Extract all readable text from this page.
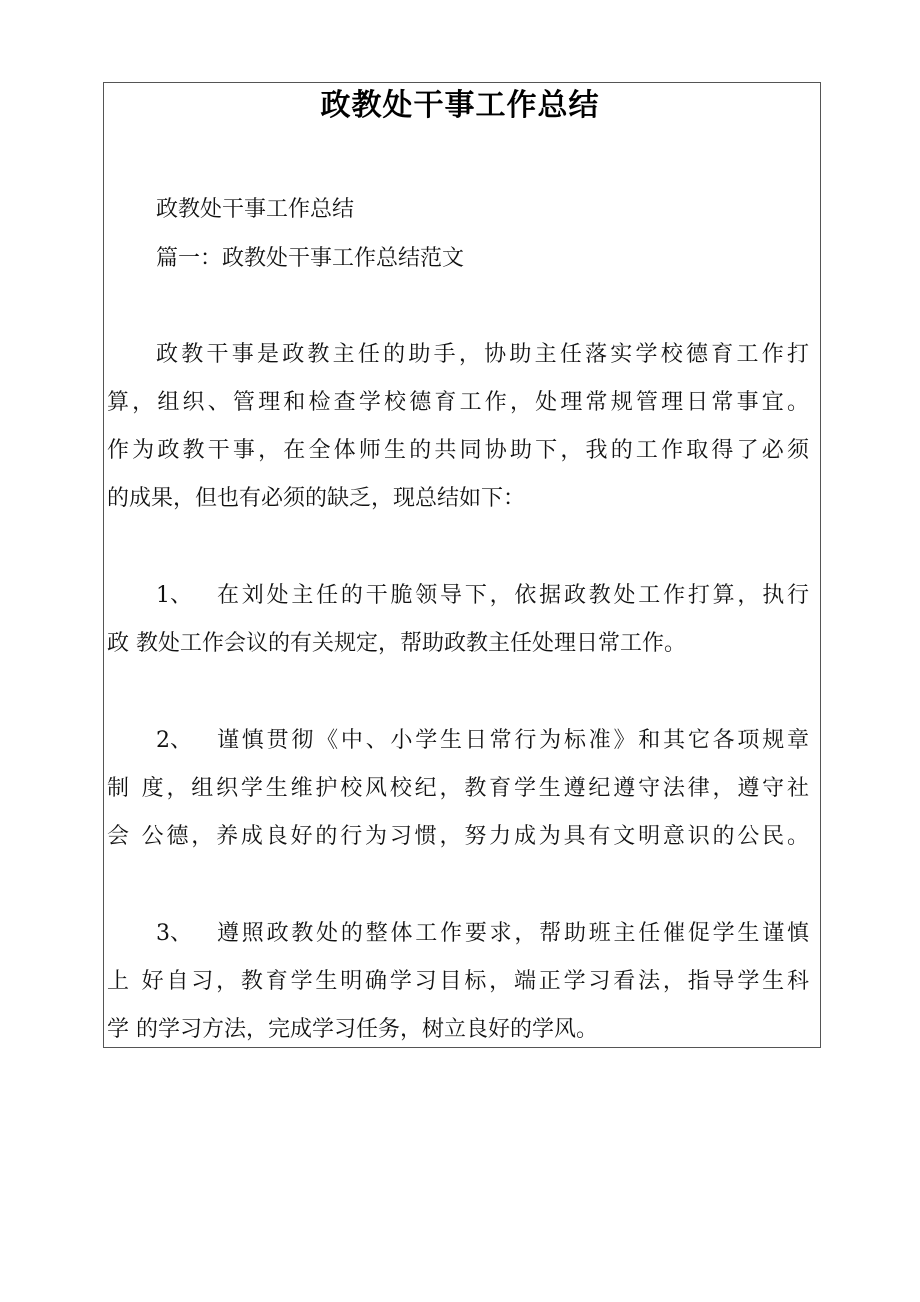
政教处干事工作总结
政教处干事工作总结
篇一：政教处干事工作总结范文
政教干事是政教主任的助手，协助主任落实学校德育工作打
算，组织、管理和检查学校德育工作，处理常规管理日常事宜。
作为政教干事，在全体师生的共同协助下，我的工作取得了必须
的成果，但也有必须的缺乏，现总结如下：
1、 在刘处主任的干脆领导下，依据政教处工作打算，执行
政 教处工作会议的有关规定，帮助政教主任处理日常工作。
2、 谨慎贯彻《中、小学生日常行为标准》和其它各项规章
制 度，组织学生维护校风校纪，教育学生遵纪遵守法律，遵守社
会 公德，养成良好的行为习惯，努力成为具有文明意识的公民。
3、 遵照政教处的整体工作要求，帮助班主任催促学生谨慎
上 好自习，教育学生明确学习目标，端正学习看法，指导学生科
学 的学习方法，完成学习任务，树立良好的学风。
